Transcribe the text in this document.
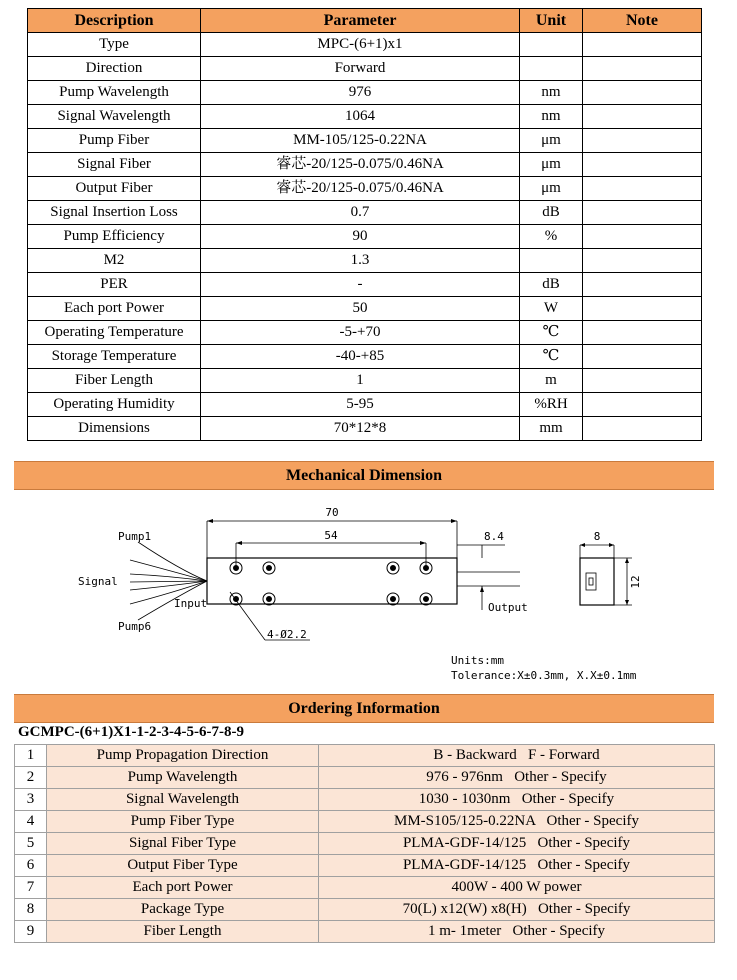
Description	Parameter	Unit	Note
Type	MPC-(6+1)x1		
Direction	Forward		
Pump Wavelength	976	nm	
Signal Wavelength	1064	nm	
Pump Fiber	MM-105/125-0.22NA	μm	
Signal Fiber	睿芯-20/125-0.075/0.46NA	μm	
Output Fiber	睿芯-20/125-0.075/0.46NA	μm	
Signal Insertion Loss	0.7	dB	
Pump Efficiency	90	%	
M2	1.3		
PER	-	dB	
Each port Power	50	W	
Operating Temperature	-5-+70	℃	
Storage Temperature	-40-+85	℃	
Fiber Length	1	m	
Operating Humidity	5-95	%RH	
Dimensions	70*12*8	mm	
Mechanical Dimension
70
54	8.4
Pump1
Signal
Pump6
Input	Output
4-Ø2.2
8
12
Units:mm
Tolerance:X±0.3mm, X.X±0.1mm
Ordering Information
GCMPC-(6+1)X1-1-2-3-4-5-6-7-8-9
1	Pump Propagation Direction	B - Backward   F - Forward
2	Pump Wavelength	976 - 976nm   Other - Specify
3	Signal Wavelength	1030 - 1030nm   Other - Specify
4	Pump Fiber Type	MM-S105/125-0.22NA   Other - Specify
5	Signal Fiber Type	PLMA-GDF-14/125   Other - Specify
6	Output Fiber Type	PLMA-GDF-14/125   Other - Specify
7	Each port Power	400W - 400 W power
8	Package Type	70(L) x12(W) x8(H)   Other - Specify
9	Fiber Length	1 m- 1meter   Other - Specify
